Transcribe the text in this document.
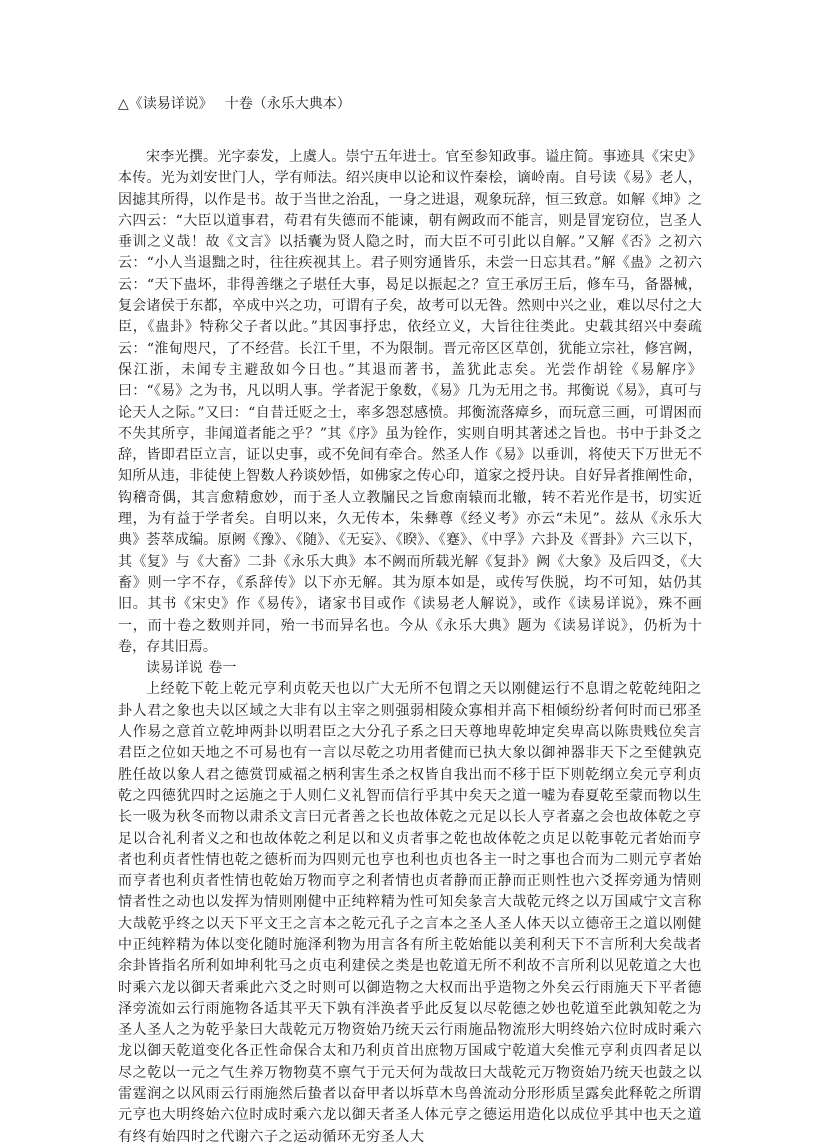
△《读易详说》 十卷（永乐大典本）

宋李光撰。光字泰发，上虞人。崇宁五年进士。官至参知政事。谥庄简。事迹具《宋史》本传。光为刘安世门人，学有师法。绍兴庚申以论和议忤秦桧，谪岭南。自号读《易》老人，因摅其所得，以作是书。故于当世之治乱，一身之进退，观象玩辞，恒三致意。如解《坤》之六四云：“大臣以道事君，苟君有失德而不能谏，朝有阙政而不能言，则是冒宠窃位，岂圣人垂训之义哉！故《文言》以括囊为贤人隐之时，而大臣不可引此以自解。”又解《否》之初六云：“小人当退黜之时，往往疾视其上。君子则穷通皆乐，未尝一日忘其君。”解《蛊》之初六云：“天下蛊坏，非得善继之子堪任大事，曷足以振起之？宣王承厉王后，修车马，备器械，复会诸侯于东都，卒成中兴之功，可谓有子矣，故考可以无咎。然则中兴之业，难以尽付之大臣，《蛊卦》特称父子者以此。”其因事抒忠，依经立义，大旨往往类此。史载其绍兴中奏疏云：“淮甸咫尺，了不经营。长江千里，不为限制。晋元帝区区草创，犹能立宗社，修宫阙，保江浙，未闻专主避敌如今日也。”其退而著书，盖犹此志矣。光尝作胡铨《易解序》曰：“《易》之为书，凡以明人事。学者泥于象数，《易》几为无用之书。邦衡说《易》，真可与论天人之际。”又曰：“自昔迁贬之士，率多怨怼感愤。邦衡流落瘴乡，而玩意三画，可谓困而不失其所亨，非闻道者能之乎？”其《序》虽为铨作，实则自明其著述之旨也。书中于卦爻之辞，皆即君臣立言，证以史事，或不免间有牵合。然圣人作《易》以垂训，将使天下万世无不知所从违，非徒使上智数人矜谈妙悟，如佛家之传心印，道家之授丹诀。自好异者推阐性命，钩稽奇偶，其言愈精愈妙，而于圣人立教牖民之旨愈南辕而北辙，转不若光作是书，切实近理，为有益于学者矣。自明以来，久无传本，朱彝尊《经义考》亦云“未见”。兹从《永乐大典》荟萃成编。原阙《豫》、《随》、《无妄》、《睽》、《蹇》、《中孚》六卦及《晋卦》六三以下，其《复》与《大畜》二卦《永乐大典》本不阙而所载光解《复卦》阙《大象》及后四爻，《大畜》则一字不存，《系辞传》以下亦无解。其为原本如是，或传写佚脱，均不可知，姑仍其旧。其书《宋史》作《易传》，诸家书目或作《读易老人解说》，或作《读易详说》，殊不画一，而十卷之数则并同，殆一书而异名也。今从《永乐大典》题为《读易详说》，仍析为十卷，存其旧焉。

读易详说 卷一

上经乾下乾上乾元亨利贞乾天也以广大无所不包谓之天以刚健运行不息谓之乾乾纯阳之卦人君之象也夫以区域之大非有以主宰之则强弱相陵众寡相并高下相倾纷纷者何时而已邪圣人作易之意首立乾坤两卦以明君臣之大分孔子系之曰天尊地卑乾坤定矣卑高以陈贵贱位矣言君臣之位如天地之不可易也有一言以尽乾之功用者健而已执大象以御神器非天下之至健孰克胜任故以象人君之德赏罚威福之柄利害生杀之权皆自我出而不移于臣下则乾纲立矣元亨利贞乾之四德犹四时之运施之于人则仁义礼智而信行乎其中矣天之道一嘘为春夏乾至蒙而物以生长一吸为秋冬而物以肃杀文言曰元者善之长也故体乾之元足以长人亨者嘉之会也故体乾之亨足以合礼利者义之和也故体乾之利足以和义贞者事之乾也故体乾之贞足以乾事乾元者始而亨者也利贞者性情也乾之德析而为四则元也亨也利也贞也各主一时之事也合而为二则元亨者始而亨者也利贞者性情也乾始万物而亨之利者情也贞者静而正静而正则性也六爻挥旁通为情则情者性之动也以发挥为情则刚健中正纯粹精为性可知矣彖言大哉乾元终之以万国咸宁文言称大哉乾乎终之以天下平文王之言本之乾元孔子之言本之圣人圣人体天以立德帝王之道以刚健中正纯粹精为体以变化随时施泽利物为用言各有所主乾始能以美利利天下不言所利大矣哉者余卦皆指名所利如坤利牝马之贞屯利建侯之类是也乾道无所不利故不言所利以见乾道之大也时乘六龙以御天者乘此六爻之时则可以御造物之大权而出乎造物之外矣云行雨施天下平者德泽旁流如云行雨施物各适其平天下孰有泮涣者乎此反复以尽乾德之妙也乾道至此孰知乾之为圣人圣人之为乾乎彖曰大哉乾元万物资始乃统天云行雨施品物流形大明终始六位时成时乘六龙以御天乾道变化各正性命保合太和乃利贞首出庶物万国咸宁乾道大矣惟元亨利贞四者足以尽之乾以一元之气生养万物物莫不禀气于元天何为哉故曰大哉乾元万物资始乃统天也鼓之以雷霆润之以风雨云行雨施然后蛰者以奋甲者以坼草木鸟兽流动分形形质呈露矣此释乾之所谓元亨也大明终始六位时成时乘六龙以御天者圣人体元亨之德运用造化以成位乎其中也天之道有终有始四时之代谢六子之运动循环无穷圣人大
